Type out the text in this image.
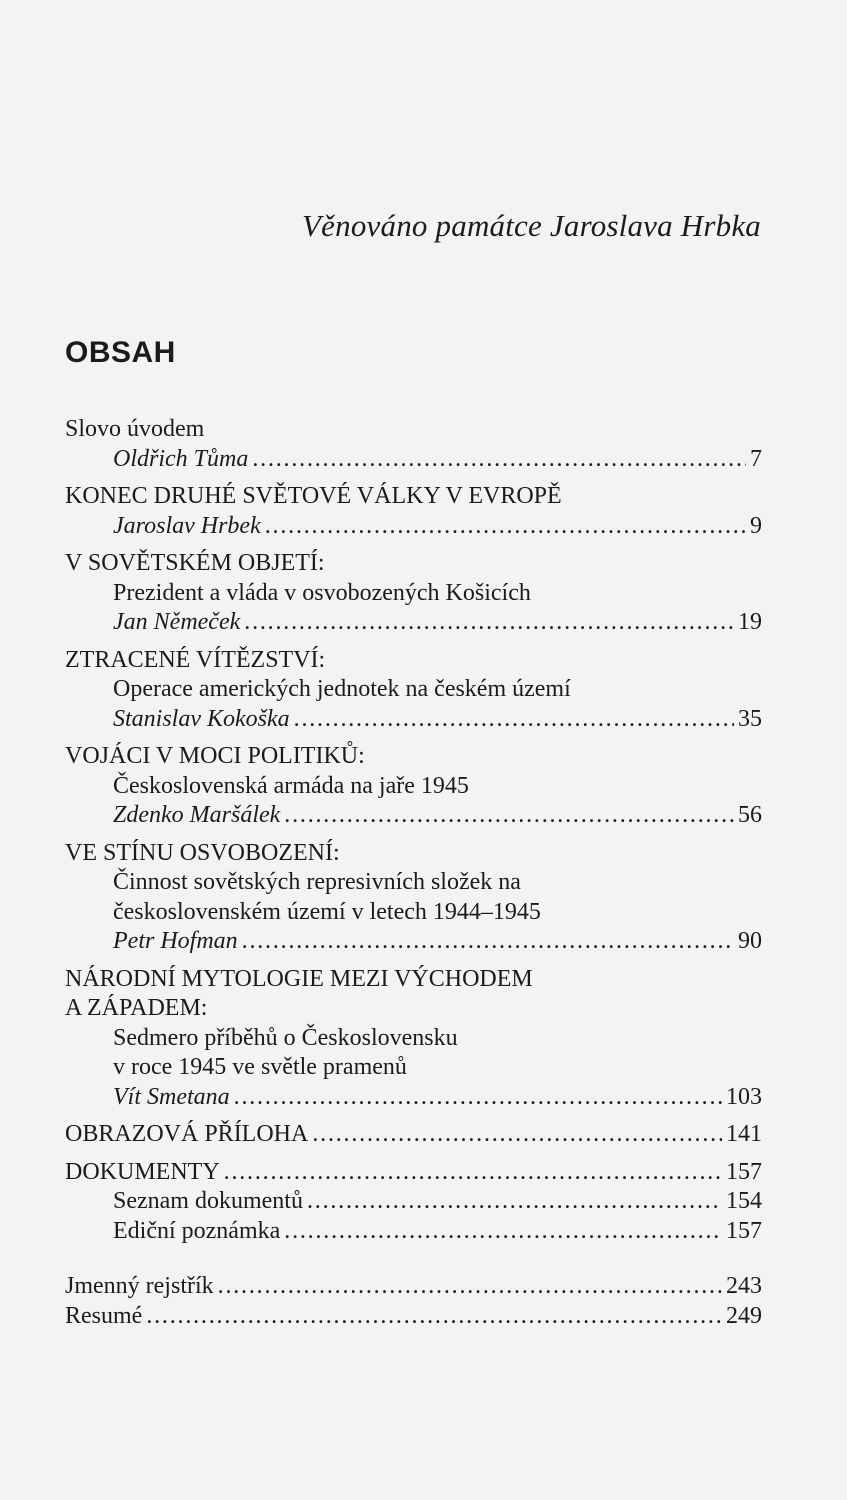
Věnováno památce Jaroslava Hrbka
OBSAH
Slovo úvodem
Oldřich Tůma . . .	7
KONEC DRUHÉ SVĚTOVÉ VÁLKY V EVROPĚ
Jaroslav Hrbek . . .	9
V SOVĚTSKÉM OBJETÍ:
Prezident a vláda v osvobozených Košicích
Jan Němeček . . .	19
ZTRACENÉ VÍTĚZSTVÍ:
Operace amerických jednotek na českém území
Stanislav Kokoška . . .	35
VOJÁCI V MOCI POLITIKŮ:
Československá armáda na jaře 1945
Zdenko Maršálek . . .	56
VE STÍNU OSVOBOZENÍ:
Činnost sovětských represivních složek na
československém území v letech 1944–1945
Petr Hofman . . .	90
NÁRODNÍ MYTOLOGIE MEZI VÝCHODEM
A ZÁPADEM:
Sedmero příběhů o Československu
v roce 1945 ve světle pramenů
Vít Smetana . . .	103
OBRAZOVÁ PŘÍLOHA . . .	141
DOKUMENTY . . .	157
Seznam dokumentů . . .	154
Ediční poznámka . . .	157
Jmenný rejstřík . . .	243
Resumé . . .	249
